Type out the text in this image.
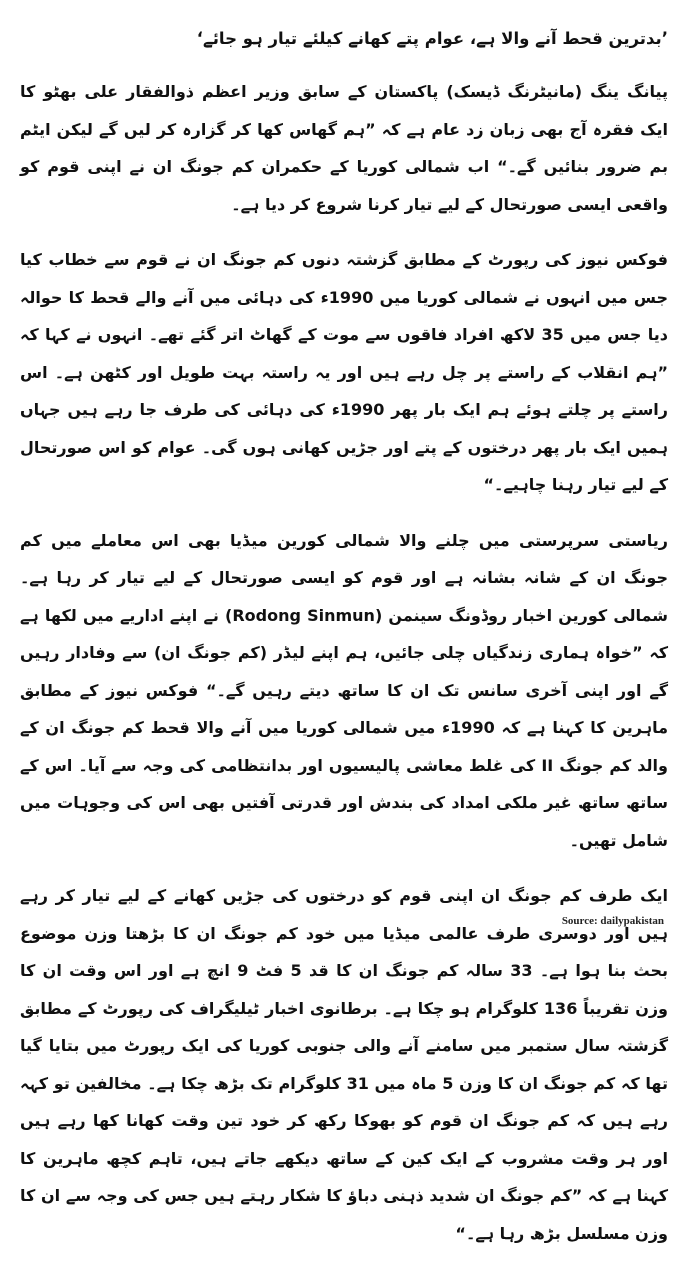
’بدترین قحط آنے والا ہے، عوام پتے کھانے کیلئے تیار ہو جائے‘

پیانگ ینگ (مانیٹرنگ ڈیسک) پاکستان کے سابق وزیر اعظم ذوالفقار علی بھٹو کا ایک فقرہ آج بھی زبان زد عام ہے کہ ”ہم گھاس کھا کر گزارہ کر لیں گے لیکن ایٹم بم ضرور بنائیں گے۔“ اب شمالی کوریا کے حکمران کم جونگ ان نے اپنی قوم کو واقعی ایسی صورتحال کے لیے تیار کرنا شروع کر دیا ہے۔

فوکس نیوز کی رپورٹ کے مطابق گزشتہ دنوں کم جونگ ان نے قوم سے خطاب کیا جس میں انہوں نے شمالی کوریا میں 1990ء کی دہائی میں آنے والے قحط کا حوالہ دیا جس میں 35 لاکھ افراد فاقوں سے موت کے گھاٹ اتر گئے تھے۔ انہوں نے کہا کہ ”ہم انقلاب کے راستے پر چل رہے ہیں اور یہ راستہ بہت طویل اور کٹھن ہے۔ اس راستے پر چلتے ہوئے ہم ایک بار پھر 1990ء کی دہائی کی طرف جا رہے ہیں جہاں ہمیں ایک بار پھر درختوں کے پتے اور جڑیں کھانی ہوں گی۔ عوام کو اس صورتحال کے لیے تیار رہنا چاہیے۔“

ریاستی سرپرستی میں چلنے والا شمالی کورین میڈیا بھی اس معاملے میں کم جونگ ان کے شانہ بشانہ ہے اور قوم کو ایسی صورتحال کے لیے تیار کر رہا ہے۔ شمالی کورین اخبار روڈونگ سینمن (Rodong Sinmun) نے اپنے اداریے میں لکھا ہے کہ ”خواہ ہماری زندگیاں چلی جائیں، ہم اپنے لیڈر (کم جونگ ان) سے وفادار رہیں گے اور اپنی آخری سانس تک ان کا ساتھ دیتے رہیں گے۔“ فوکس نیوز کے مطابق ماہرین کا کہنا ہے کہ 1990ء میں شمالی کوریا میں آنے والا قحط کم جونگ ان کے والد کم جونگ II کی غلط معاشی پالیسیوں اور بدانتظامی کی وجہ سے آیا۔ اس کے ساتھ ساتھ غیر ملکی امداد کی بندش اور قدرتی آفتیں بھی اس کی وجوہات میں شامل تھیں۔

ایک طرف کم جونگ ان اپنی قوم کو درختوں کی جڑیں کھانے کے لیے تیار کر رہے ہیں اور دوسری طرف عالمی میڈیا میں خود کم جونگ ان کا بڑھتا وزن موضوع بحث بنا ہوا ہے۔ 33 سالہ کم جونگ ان کا قد 5 فٹ 9 انچ ہے اور اس وقت ان کا وزن تقریباً 136 کلوگرام ہو چکا ہے۔ برطانوی اخبار ٹیلیگراف کی رپورٹ کے مطابق گزشتہ سال ستمبر میں سامنے آنے والی جنوبی کوریا کی ایک رپورٹ میں بتایا گیا تھا کہ کم جونگ ان کا وزن 5 ماہ میں 31 کلوگرام تک بڑھ چکا ہے۔ مخالفین تو کہہ رہے ہیں کہ کم جونگ ان قوم کو بھوکا رکھ کر خود تین وقت کھانا کھا رہے ہیں اور ہر وقت مشروب کے ایک کین کے ساتھ دیکھے جاتے ہیں، تاہم کچھ ماہرین کا کہنا ہے کہ ”کم جونگ ان شدید ذہنی دباؤ کا شکار رہتے ہیں جس کی وجہ سے ان کا وزن مسلسل بڑھ رہا ہے۔“

Source: dailypakistan
